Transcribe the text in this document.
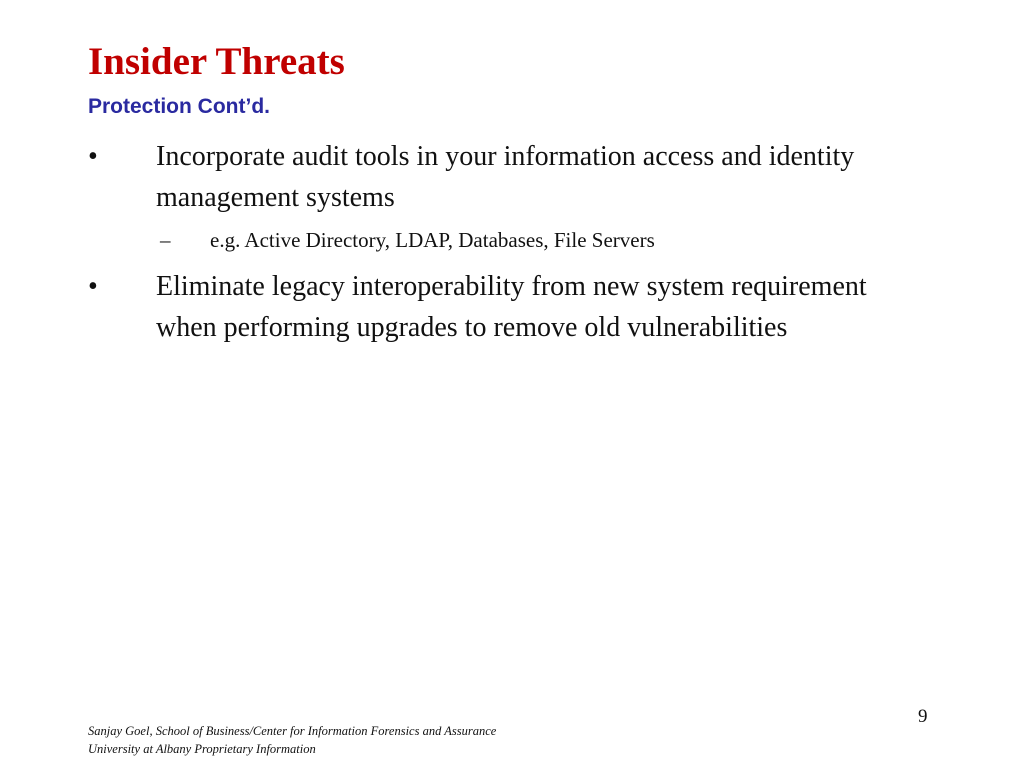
Insider Threats
Protection Cont’d.
• Incorporate audit tools in your information access and identity management systems
– e.g. Active Directory, LDAP, Databases, File Servers
• Eliminate legacy interoperability from new system requirement when performing upgrades to remove old vulnerabilities
9
Sanjay Goel, School of Business/Center for Information Forensics and Assurance
University at Albany Proprietary Information
